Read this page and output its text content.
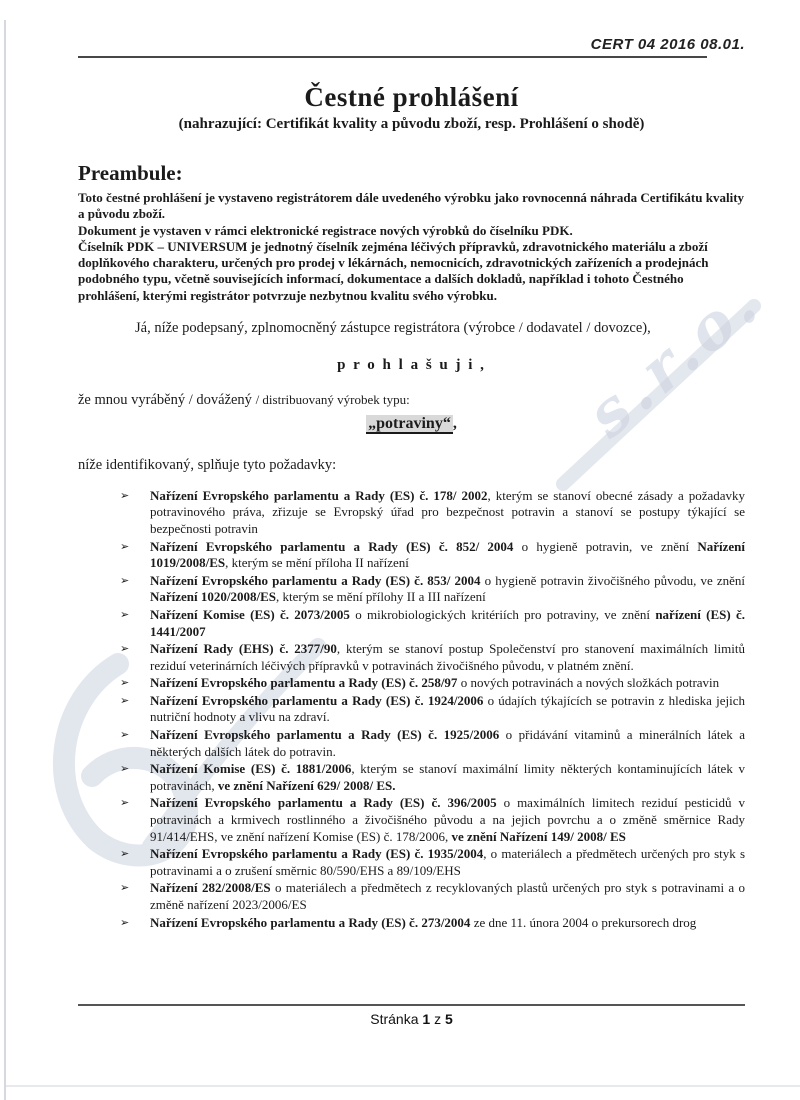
s.r.o.
CERT 04 2016 08.01.
Čestné prohlášení
(nahrazující: Certifikát kvality a původu zboží, resp. Prohlášení o shodě)
Preambule:

Toto čestné prohlášení je vystaveno registrátorem dále uvedeného výrobku jako rovnocenná náhrada Certifikátu kvality a původu zboží.

Dokument je vystaven v rámci elektronické registrace nových výrobků do číselníku PDK.

Číselník PDK – UNIVERSUM je jednotný číselník zejména léčivých přípravků, zdravotnického materiálu a zboží doplňkového charakteru, určených pro prodej v lékárnách, nemocnicích, zdravotnických zařízeních a prodejnách podobného typu, včetně souvisejících informací, dokumentace a dalších dokladů, například i tohoto Čestného prohlášení, kterými registrátor potvrzuje nezbytnou kvalitu svého výrobku.

Já, níže podepsaný, zplnomocněný zástupce registrátora (výrobce / dodavatel / dovozce),
p r o h l a š u j i ,
že mnou vyráběný / dovážený / distribuovaný výrobek typu:
„potraviny“ ,
níže identifikovaný, splňuje tyto požadavky:
➢ Nařízení Evropského parlamentu a Rady (ES) č. 178/ 2002, kterým se stanoví obecné zásady a požadavky potravinového práva, zřizuje se Evropský úřad pro bezpečnost potravin a stanoví se postupy týkající se bezpečnosti potravin
➢ Nařízení Evropského parlamentu a Rady (ES) č. 852/ 2004 o hygieně potravin, ve znění Nařízení 1019/2008/ES, kterým se mění příloha II nařízení
➢ Nařízení Evropského parlamentu a Rady (ES) č. 853/ 2004 o hygieně potravin živočišného původu, ve znění Nařízení 1020/2008/ES, kterým se mění přílohy II a III nařízení
➢ Nařízení Komise (ES) č. 2073/2005 o mikrobiologických kritériích pro potraviny, ve znění nařízení (ES) č. 1441/2007
➢ Nařízení Rady (EHS) č. 2377/90, kterým se stanoví postup Společenství pro stanovení maximálních limitů reziduí veterinárních léčivých přípravků v potravinách živočišného původu, v platném znění.
➢ Nařízení Evropského parlamentu a Rady (ES) č. 258/97 o nových potravinách a nových složkách potravin
➢ Nařízení Evropského parlamentu a Rady (ES) č. 1924/2006 o údajích týkajících se potravin z hlediska jejich nutriční hodnoty a vlivu na zdraví.
➢ Nařízení Evropského parlamentu a Rady (ES) č. 1925/2006 o přidávání vitaminů a minerálních látek a některých dalších látek do potravin.
➢ Nařízení Komise (ES) č. 1881/2006, kterým se stanoví maximální limity některých kontaminujících látek v potravinách, ve znění Nařízení 629/ 2008/ ES.
➢ Nařízení Evropského parlamentu a Rady (ES) č. 396/2005 o maximálních limitech reziduí pesticidů v potravinách a krmivech rostlinného a živočišného původu a na jejich povrchu a o změně směrnice Rady 91/414/EHS, ve znění nařízení Komise (ES) č. 178/2006, ve znění Nařízení 149/ 2008/ ES
➢ Nařízení Evropského parlamentu a Rady (ES) č. 1935/2004, o materiálech a předmětech určených pro styk s potravinami a o zrušení směrnic 80/590/EHS a 89/109/EHS
➢ Nařízení 282/2008/ES o materiálech a předmětech z recyklovaných plastů určených pro styk s potravinami a o změně nařízení 2023/2006/ES
➢ Nařízení Evropského parlamentu a Rady (ES) č. 273/2004 ze dne 11. února 2004 o prekursorech drog
Stránka 1 z 5
